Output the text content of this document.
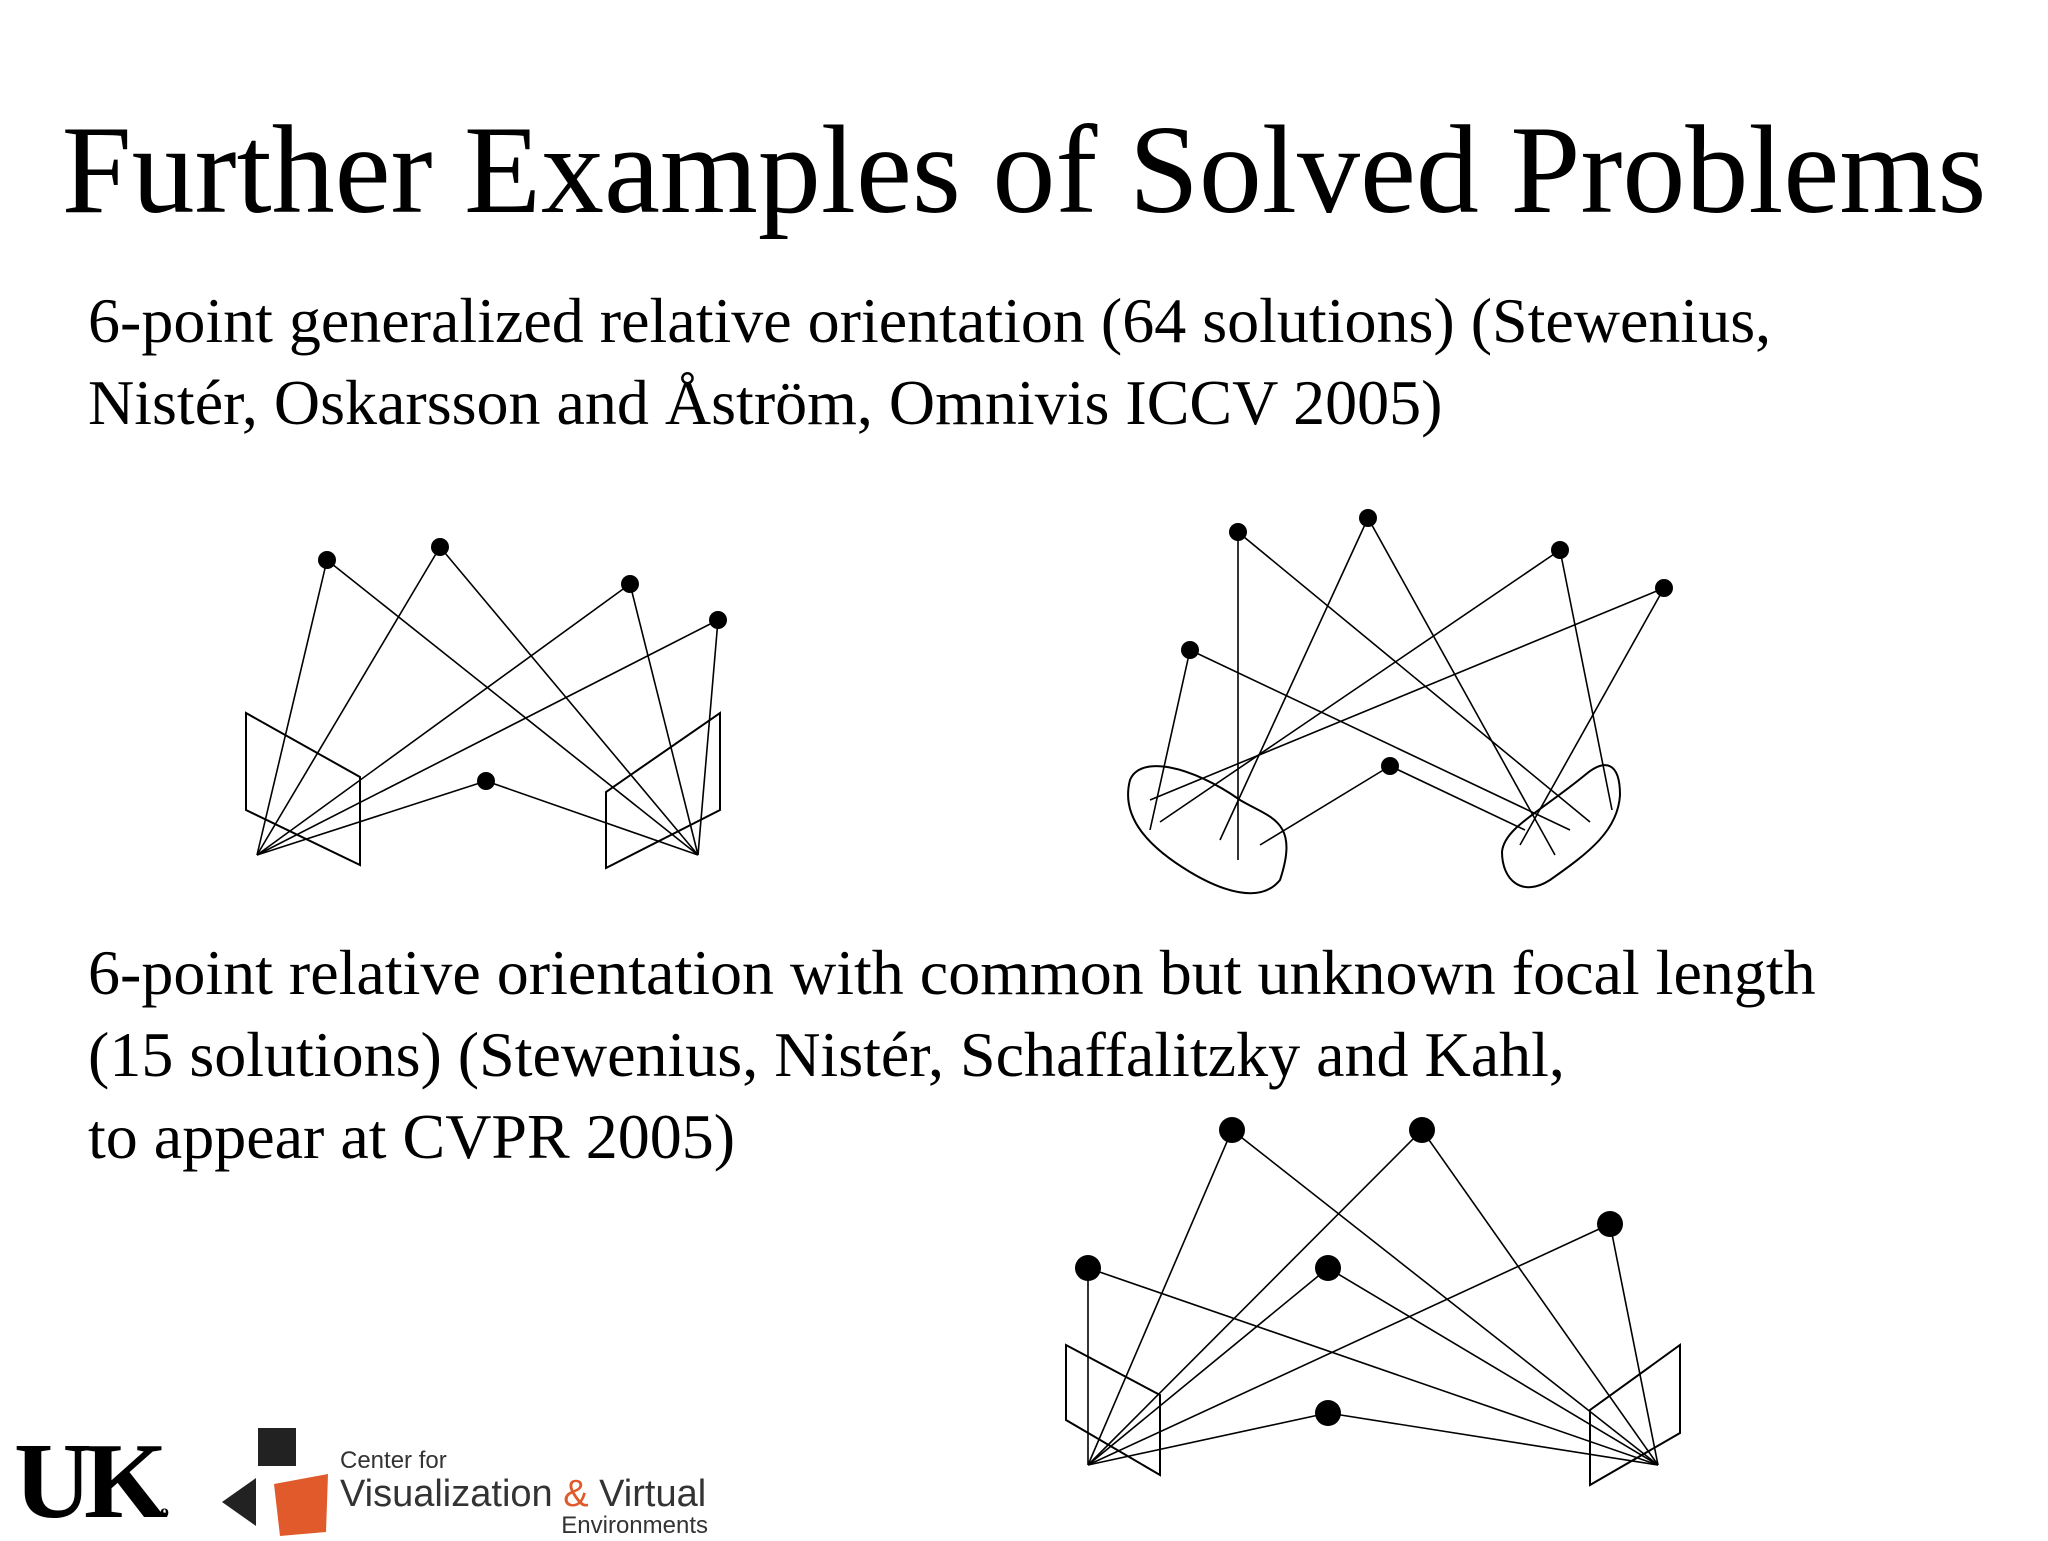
Further Examples of Solved Problems
6-point generalized relative orientation (64 solutions) (Stewenius,
Nistér, Oskarsson and Åström, Omnivis ICCV 2005)
6-point relative orientation with common but unknown focal length
(15 solutions) (Stewenius, Nistér, Schaffalitzky and Kahl,
to appear at CVPR 2005)
UKo
Center for
Visualization & Virtual
Environments
